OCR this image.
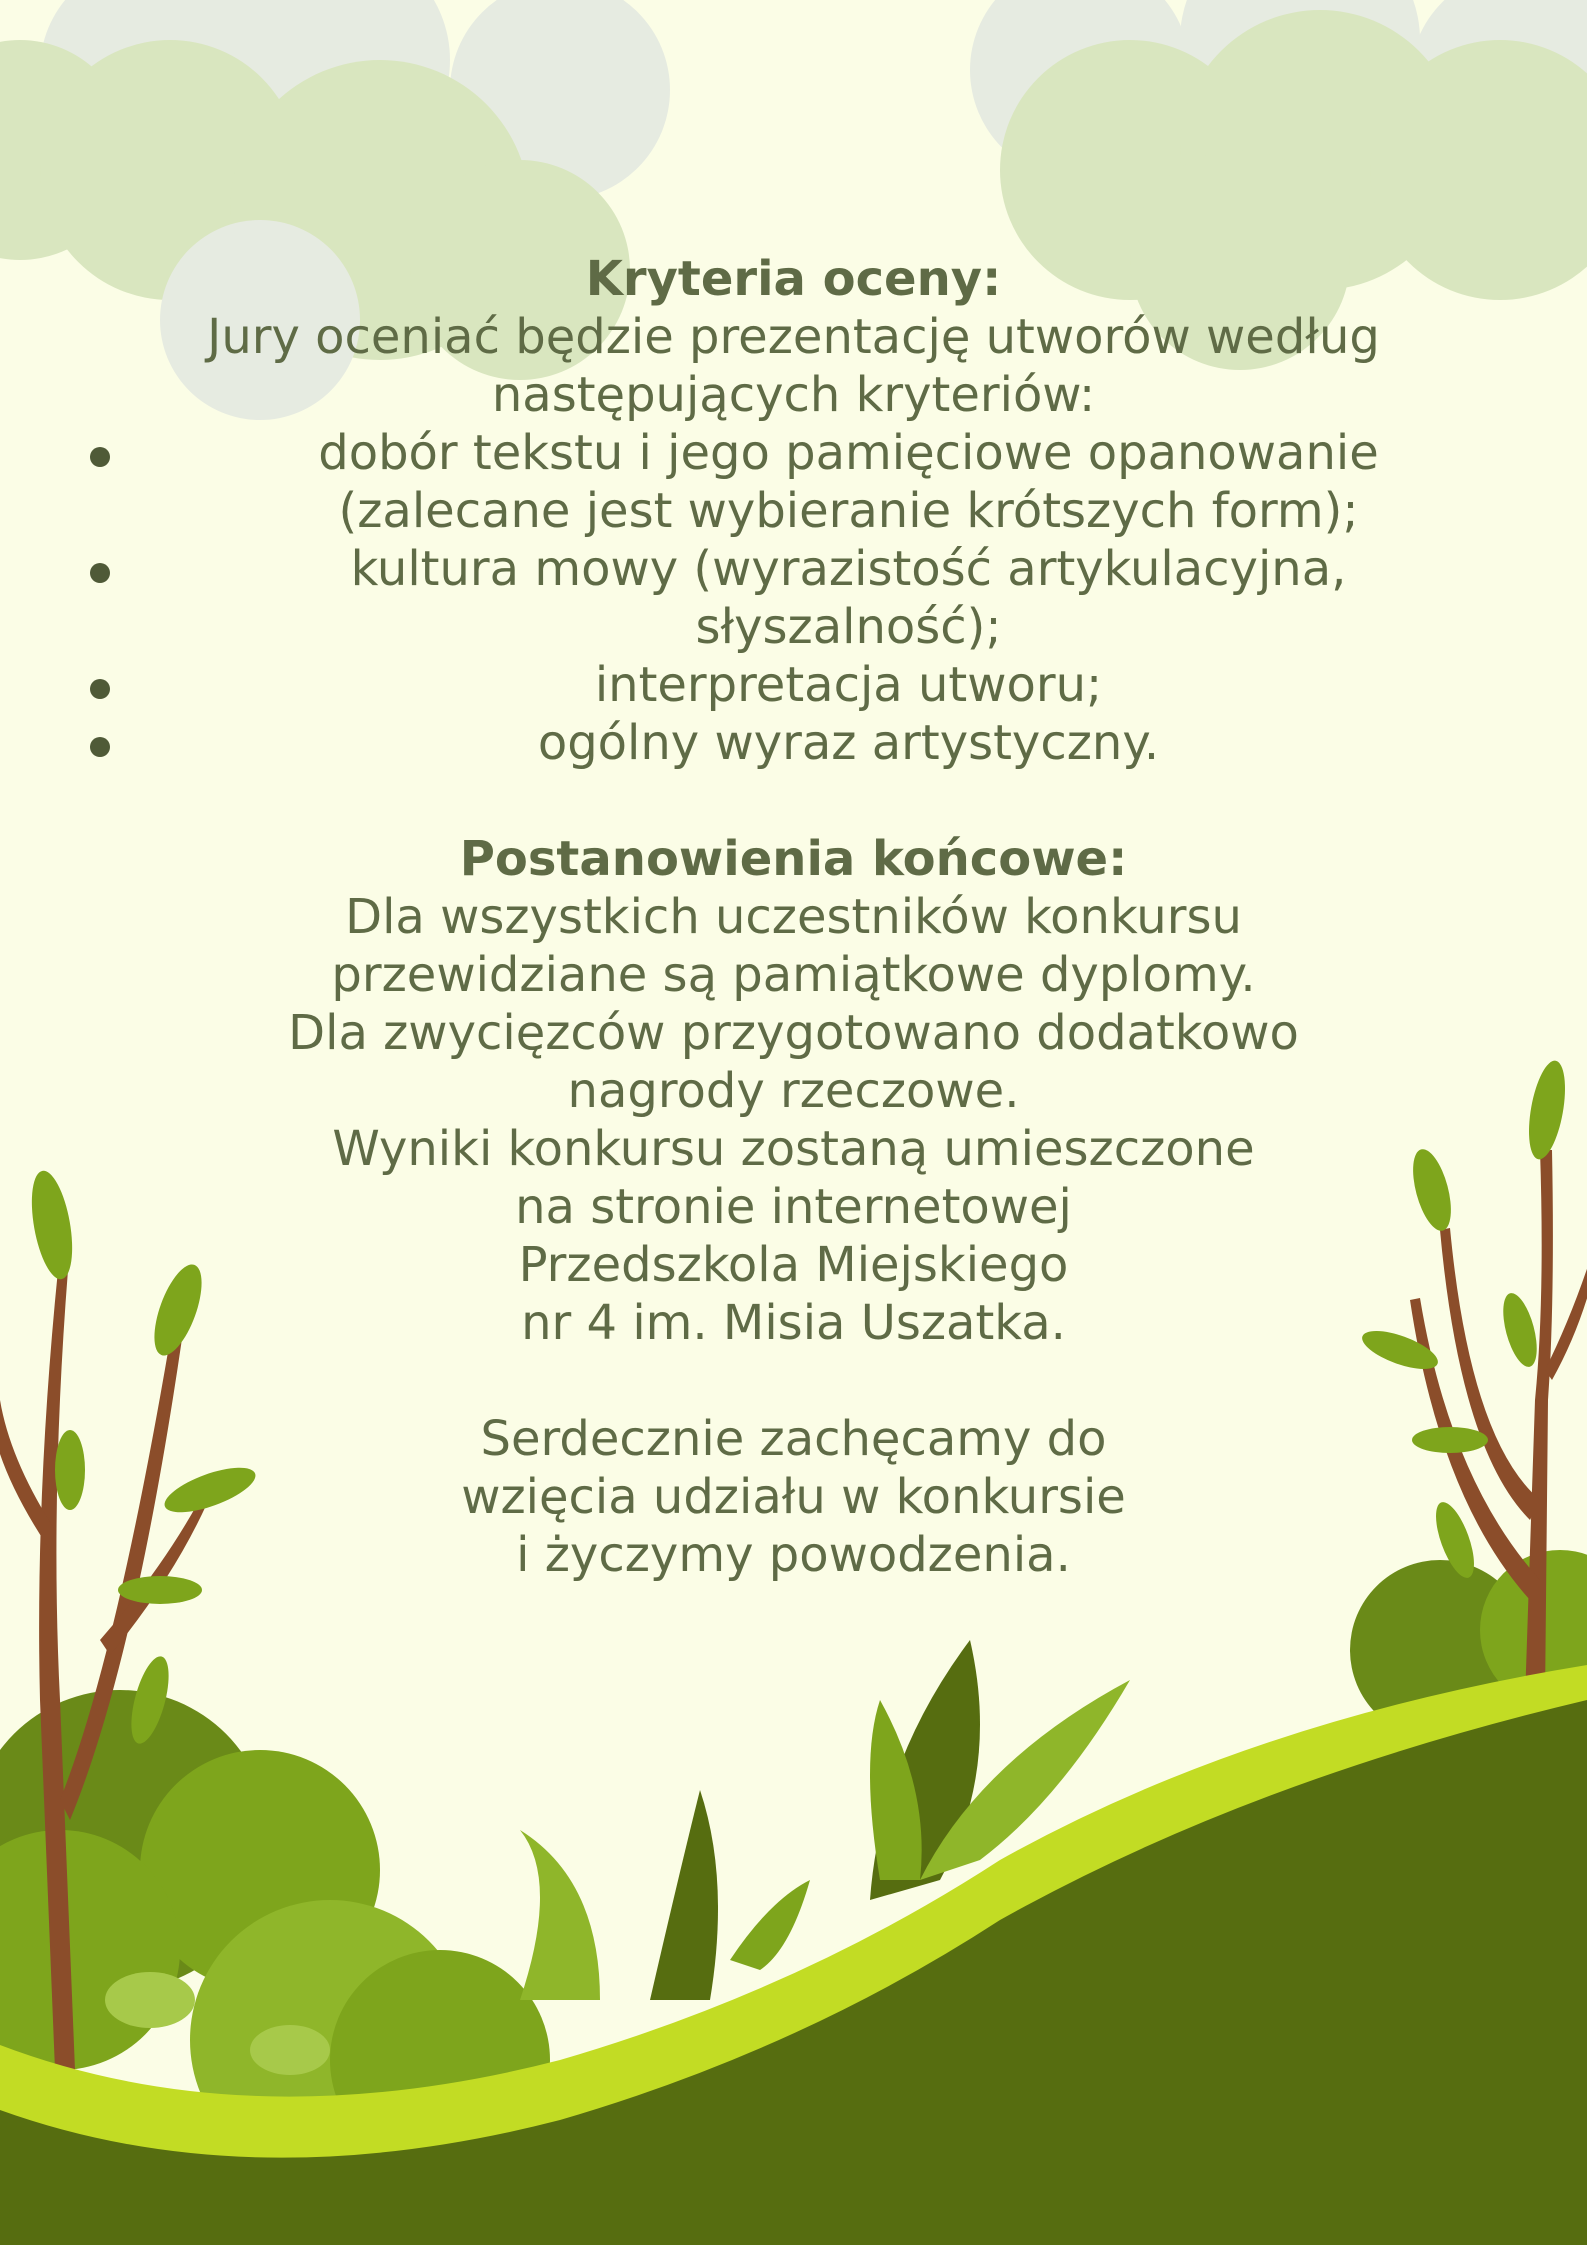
Kryteria oceny:

Jury oceniać będzie prezentację utworów według

następujących kryteriów:

dobór tekstu i jego pamięciowe opanowanie
(zalecane jest wybieranie krótszych form);
kultura mowy (wyrazistość artykulacyjna,
słyszalność);
interpretacja utworu;
ogólny wyraz artystyczny.

Postanowienia końcowe:

Dla wszystkich uczestników konkursu

przewidziane są pamiątkowe dyplomy.

Dla zwycięzców przygotowano dodatkowo

nagrody rzeczowe.

Wyniki konkursu zostaną umieszczone

na stronie internetowej

Przedszkola Miejskiego

nr 4 im. Misia Uszatka.

Serdecznie zachęcamy do

wzięcia udziału w konkursie

i życzymy powodzenia.
